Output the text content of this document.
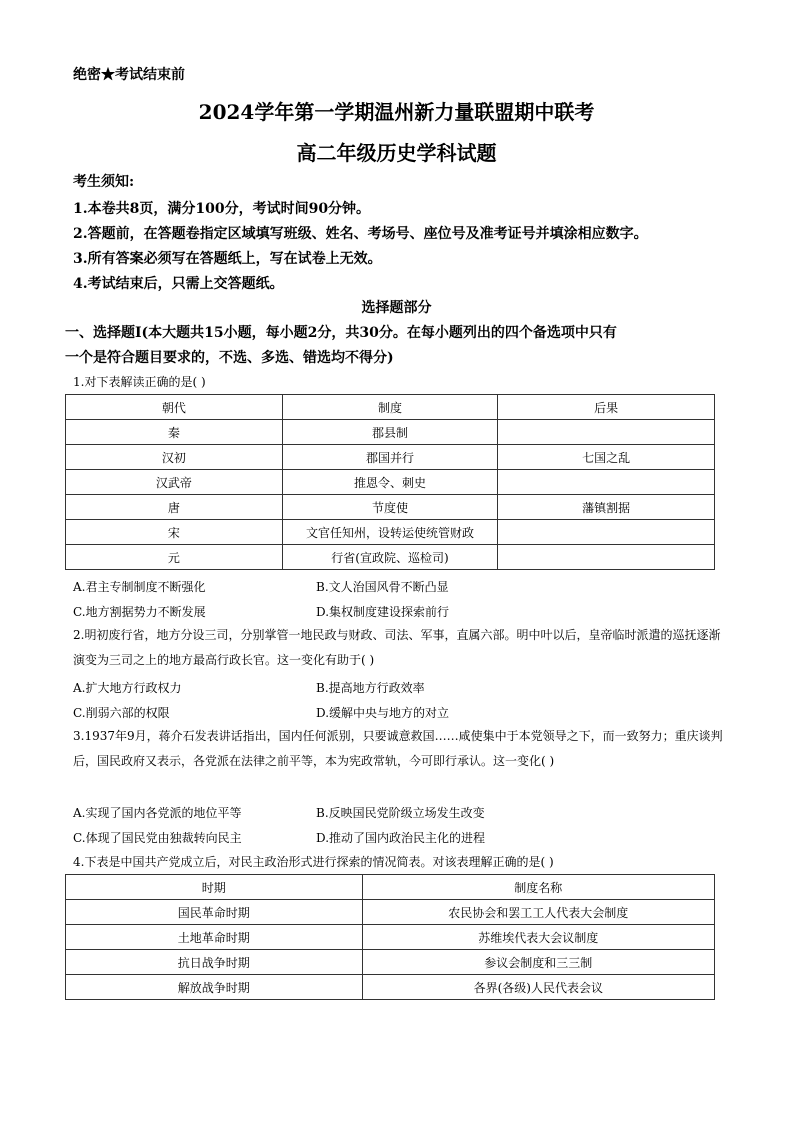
绝密★考试结束前
2024学年第一学期温州新力量联盟期中联考
高二年级历史学科试题
考生须知:
1.本卷共8页，满分100分，考试时间90分钟。
2.答题前，在答题卷指定区域填写班级、姓名、考场号、座位号及准考证号并填涂相应数字。
3.所有答案必须写在答题纸上，写在试卷上无效。
4.考试结束后，只需上交答题纸。
选择题部分
一、选择题Ⅰ(本大题共15小题，每小题2分，共30分。在每小题列出的四个备选项中只有
一个是符合题目要求的，不选、多选、错选均不得分)
1.对下表解读正确的是( )
朝代	制度	后果
秦	郡县制	
汉初	郡国并行	七国之乱
汉武帝	推恩令、刺史	
唐	节度使	藩镇割据
宋	文官任知州，设转运使统管财政	
元	行省(宣政院、巡检司)	
A.君主专制制度不断强化	B.文人治国风骨不断凸显
C.地方割据势力不断发展	D.集权制度建设探索前行
2.明初废行省，地方分设三司，分别掌管一地民政与财政、司法、军事，直属六部。明中叶以后，皇帝临时派遣的巡抚逐渐演变为三司之上的地方最高行政长官。这一变化有助于( )
A.扩大地方行政权力	B.提高地方行政效率
C.削弱六部的权限	D.缓解中央与地方的对立
3.1937年9月，蒋介石发表讲话指出，国内任何派别，只要诚意救国……咸使集中于本党领导之下，而一致努力；重庆谈判后，国民政府又表示，各党派在法律之前平等，本为宪政常轨，今可即行承认。这一变化( )
A.实现了国内各党派的地位平等	B.反映国民党阶级立场发生改变
C.体现了国民党由独裁转向民主	D.推动了国内政治民主化的进程
4.下表是中国共产党成立后，对民主政治形式进行探索的情况简表。对该表理解正确的是( )
时期	制度名称
国民革命时期	农民协会和罢工工人代表大会制度
土地革命时期	苏维埃代表大会议制度
抗日战争时期	参议会制度和三三制
解放战争时期	各界(各级)人民代表会议
